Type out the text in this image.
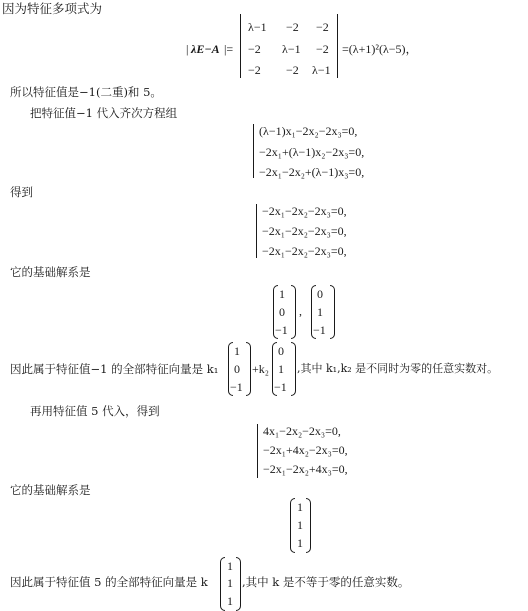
因为特征多项式为
| λE−A |=
λ−1 −2 −2
−2 λ−1 −2
−2 −2 λ−1
=(λ+1)²(λ−5)，
所以特征值是−1(二重)和 5。
把特征值−1 代入齐次方程组
(λ−1)x₁−2x₂−2x₃=0,
−2x₁+(λ−1)x₂−2x₃=0,
−2x₁−2x₂+(λ−1)x₃=0,
得到
−2x₁−2x₂−2x₃=0,
−2x₁−2x₂−2x₃=0,
−2x₁−2x₂−2x₃=0,
它的基础解系是
1
0
−1
,
0
1
−1
因此属于特征值−1 的全部特征向量是 k₁
1
0
−1
+k₂
0
1
−1
,其中 k₁,k₂ 是不同时为零的任意实数对。
再用特征值 5 代入，得到
4x₁−2x₂−2x₃=0,
−2x₁+4x₂−2x₃=0,
−2x₁−2x₂+4x₃=0,
它的基础解系是
1
1
1
因此属于特征值 5 的全部特征向量是 k
1
1
1
,其中 k 是不等于零的任意实数。
